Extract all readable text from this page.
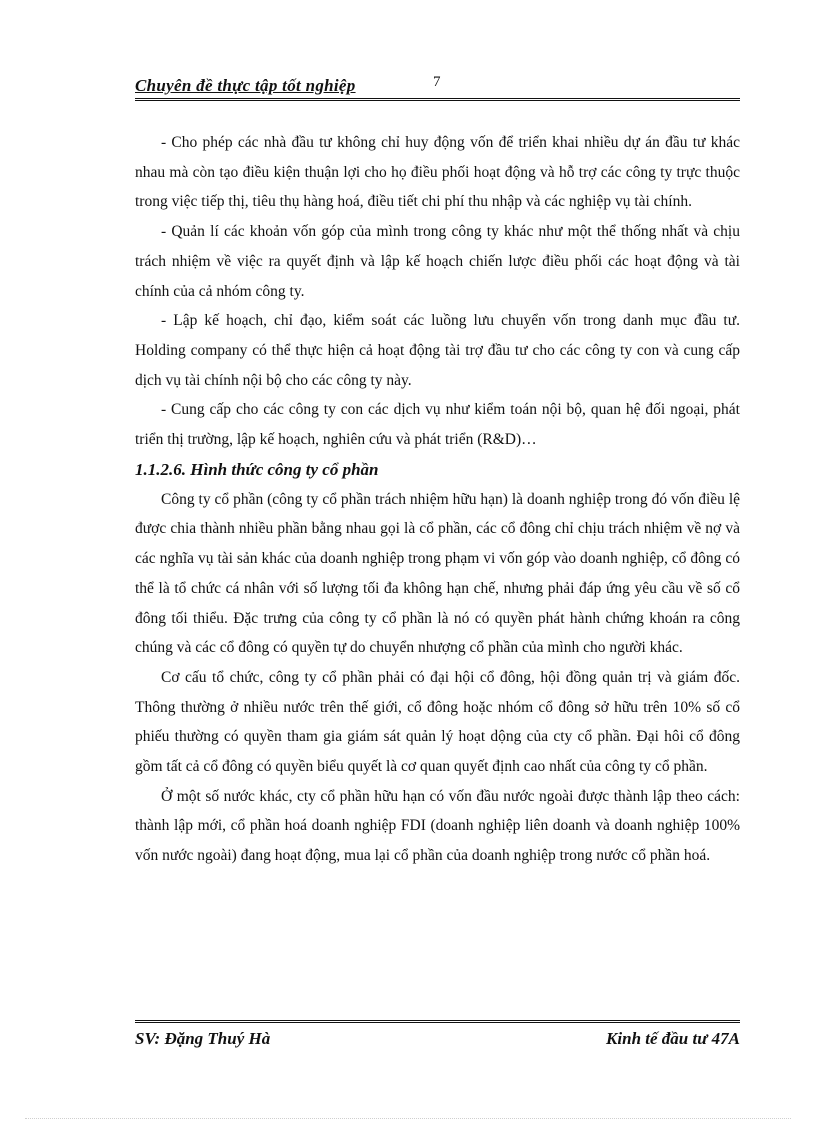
Chuyên đề thực tập tốt nghiệp	7

- Cho phép các nhà đầu tư không chỉ huy động vốn để triển khai nhiều dự án đầu tư khác nhau mà còn tạo điều kiện thuận lợi cho họ điều phối hoạt động và hỗ trợ các công ty trực thuộc trong việc tiếp thị, tiêu thụ hàng hoá, điều tiết chi phí thu nhập và các nghiệp vụ tài chính.

- Quản lí các khoản vốn góp của mình trong công ty khác như một thể thống nhất và chịu trách nhiệm về việc ra quyết định và lập kế hoạch chiến lược điều phối các hoạt động và tài chính của cả nhóm công ty.

- Lập kế hoạch, chỉ đạo, kiểm soát các luồng lưu chuyển vốn trong danh mục đầu tư. Holding company có thể thực hiện cả hoạt động tài trợ đầu tư cho các công ty con và cung cấp dịch vụ tài chính nội bộ cho các công ty này.

- Cung cấp cho các công ty con các dịch vụ như kiểm toán nội bộ, quan hệ đối ngoại, phát triển thị trường, lập kế hoạch, nghiên cứu và phát triển (R&D)…

1.1.2.6. Hình thức công ty cổ phần

Công ty cổ phần (công ty cổ phần trách nhiệm hữu hạn) là doanh nghiệp trong đó vốn điều lệ được chia thành nhiều phần bằng nhau gọi là cổ phần, các cổ đông chỉ chịu trách nhiệm về nợ và các nghĩa vụ tài sản khác của doanh nghiệp trong phạm vi vốn góp vào doanh nghiệp, cổ đông có thể là tổ chức cá nhân với số lượng tối đa không hạn chế, nhưng phải đáp ứng yêu cầu về số cổ đông tối thiểu. Đặc trưng của công ty cổ phần là nó có quyền phát hành chứng khoán ra công chúng và các cổ đông có quyền tự do chuyển nhượng cổ phần của mình cho người khác.

Cơ cấu tổ chức, công ty cổ phần phải có đại hội cổ đông, hội đồng quản trị và giám đốc. Thông thường ở nhiều nước trên thế giới, cổ đông hoặc nhóm cổ đông sở hữu trên 10% số cổ phiếu thường có quyền tham gia giám sát quản lý hoạt dộng của cty cổ phần. Đại hôi cổ đông gồm tất cả cổ đông có quyền biểu quyết là cơ quan quyết định cao nhất của công ty cổ phần.

Ở một số nước khác, cty cổ phần hữu hạn có vốn đầu nước ngoài được thành lập theo cách: thành lập mới, cổ phần hoá doanh nghiệp FDI (doanh nghiệp liên doanh và doanh nghiệp 100% vốn nước ngoài) đang hoạt động, mua lại cổ phần của doanh nghiệp trong nước cổ phần hoá.

SV: Đặng Thuý Hà	Kinh tế đầu tư 47A
